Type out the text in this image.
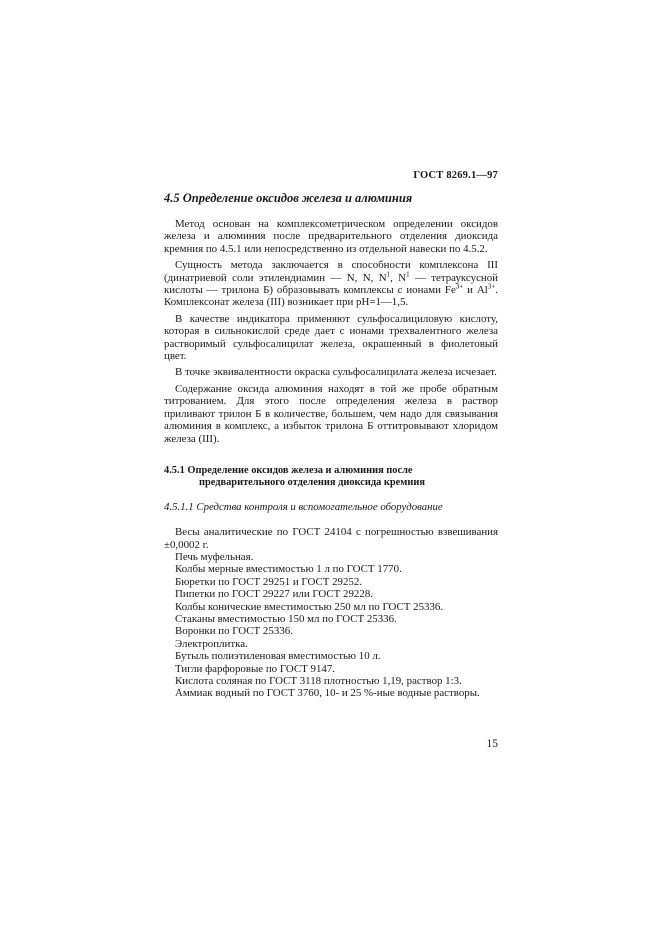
ГОСТ 8269.1—97
4.5 Определение оксидов железа и алюминия

Метод основан на комплексометрическом определении оксидов железа и алюминия после предварительного отделения диоксида кремния по 4.5.1 или непосредственно из отдельной навески по 4.5.2.

Сущность метода заключается в способности комплексона III (динатриевой соли этилендиамин — N, N, $N^1$, $N^1$ — тетрауксусной кислоты — трилона Б) образовывать комплексы с ионами $Fe^{3+}$ и $Al^{3+}$. Комплексонат железа (III) возникает при pH=1—1,5.

В качестве индикатора применяют сульфосалициловую кислоту, которая в сильнокислой среде дает с ионами трехвалентного железа растворимый сульфосалицилат железа, окрашенный в фиолетовый цвет.

В точке эквивалентности окраска сульфосалицилата железа исчезает.

Содержание оксида алюминия находят в той же пробе обратным титрованием. Для этого после определения железа в раствор приливают трилон Б в количестве, большем, чем надо для связывания алюминия в комплекс, а избыток трилона Б оттитровывают хлоридом железа (III).

4.5.1 Определение оксидов железа и алюминия после
предварительного отделения диоксида кремния
4.5.1.1 Средства контроля и вспомогательное оборудование

Весы аналитические по ГОСТ 24104 с погрешностью взвешивания ±0,0002 г.

Печь муфельная.

Колбы мерные вместимостью 1 л по ГОСТ 1770.

Бюретки по ГОСТ 29251 и ГОСТ 29252.

Пипетки по ГОСТ 29227 или ГОСТ 29228.

Колбы конические вместимостью 250 мл по ГОСТ 25336.

Стаканы вместимостью 150 мл по ГОСТ 25336.

Воронки по ГОСТ 25336.

Электроплитка.

Бутыль полиэтиленовая вместимостью 10 л.

Тигли фарфоровые по ГОСТ 9147.

Кислота соляная по ГОСТ 3118 плотностью 1,19, раствор 1:3.

Аммиак водный по ГОСТ 3760, 10- и 25 %-ные водные растворы.

15
